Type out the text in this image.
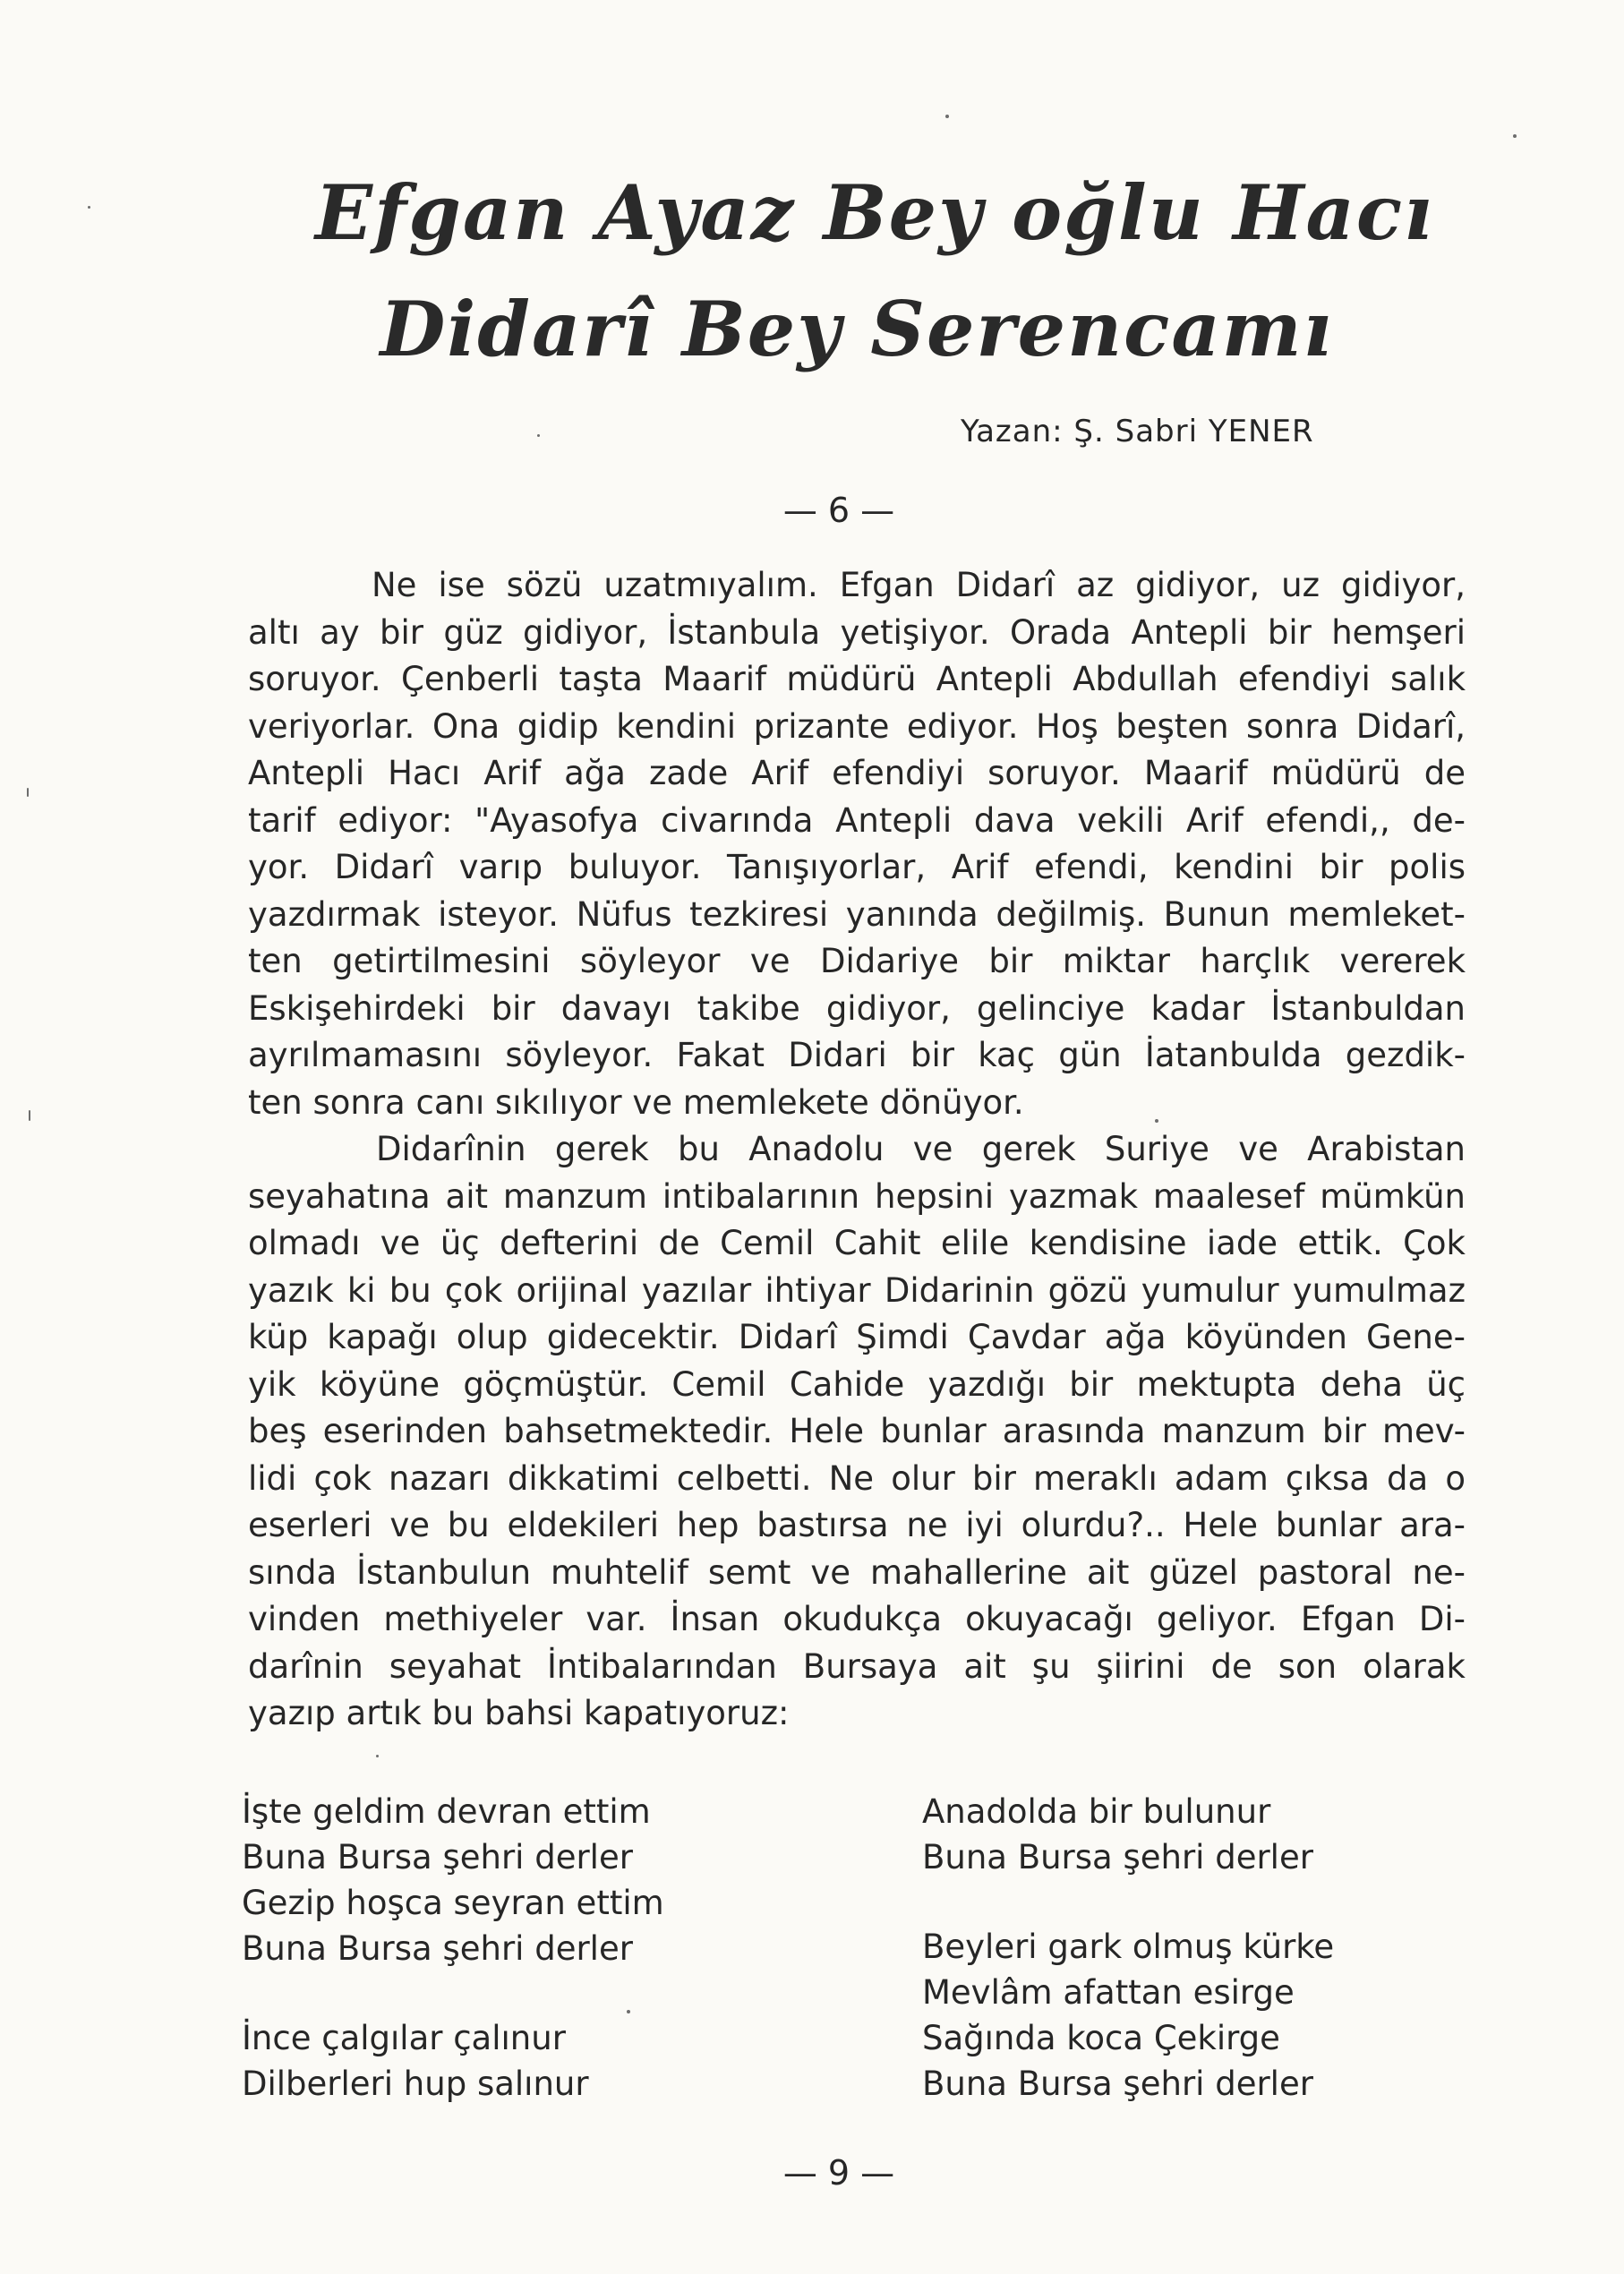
Efgan Ayaz Bey oğlu Hacı
Didarî Bey Serencamı
Yazan: Ş. Sabri YENER
— 6 —

Ne ise sözü uzatmıyalım. Efgan Didarî az gidiyor, uz gidiyor,
altı ay bir güz gidiyor, İstanbula yetişiyor. Orada Antepli bir hemşeri
soruyor. Çenberli taşta Maarif müdürü Antepli Abdullah efendiyi salık
veriyorlar. Ona gidip kendini prizante ediyor. Hoş beşten sonra Didarî,
Antepli Hacı Arif ağa zade Arif efendiyi soruyor. Maarif müdürü de
tarif ediyor: "Ayasofya civarında Antepli dava vekili Arif efendi,, de-
yor. Didarî varıp buluyor. Tanışıyorlar, Arif efendi, kendini bir polis
yazdırmak isteyor. Nüfus tezkiresi yanında değilmiş. Bunun memleket-
ten getirtilmesini söyleyor ve Didariye bir miktar harçlık vererek
Eskişehirdeki bir davayı takibe gidiyor, gelinciye kadar İstanbuldan
ayrılmamasını söyleyor. Fakat Didari bir kaç gün İatanbulda gezdik-
ten sonra canı sıkılıyor ve memlekete dönüyor.

Didarînin gerek bu Anadolu ve gerek Suriye ve Arabistan
seyahatına ait manzum intibalarının hepsini yazmak maalesef mümkün
olmadı ve üç defterini de Cemil Cahit elile kendisine iade ettik. Çok
yazık ki bu çok orijinal yazılar ihtiyar Didarinin gözü yumulur yumulmaz
küp kapağı olup gidecektir. Didarî Şimdi Çavdar ağa köyünden Gene-
yik köyüne göçmüştür. Cemil Cahide yazdığı bir mektupta deha üç
beş eserinden bahsetmektedir. Hele bunlar arasında manzum bir mev-
lidi çok nazarı dikkatimi celbetti. Ne olur bir meraklı adam çıksa da o
eserleri ve bu eldekileri hep bastırsa ne iyi olurdu?.. Hele bunlar ara-
sında İstanbulun muhtelif semt ve mahallerine ait güzel pastoral ne-
vinden methiyeler var. İnsan okudukça okuyacağı geliyor. Efgan Di-
darînin seyahat İntibalarından Bursaya ait şu şiirini de son olarak
yazıp artık bu bahsi kapatıyoruz:

İşte geldim devran ettim
Buna Bursa şehri derler
Gezip hoşca seyran ettim
Buna Bursa şehri derler
İnce çalgılar çalınur
Dilberleri hup salınur
Anadolda bir bulunur
Buna Bursa şehri derler
Beyleri gark olmuş kürke
Mevlâm afattan esirge
Sağında koca Çekirge
Buna Bursa şehri derler
— 9 —
